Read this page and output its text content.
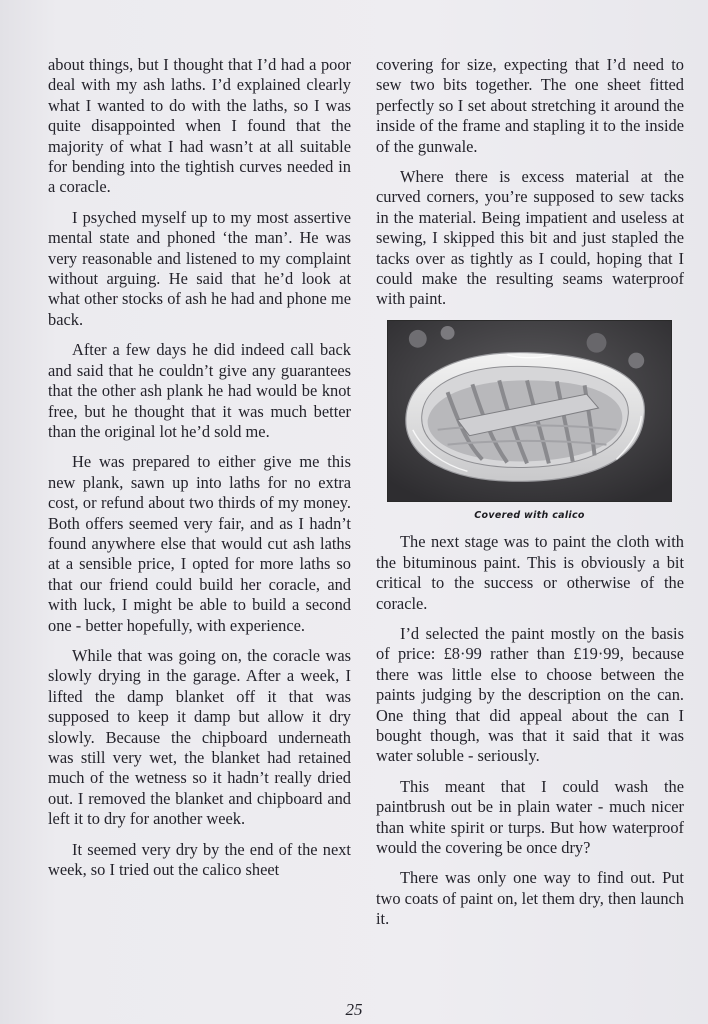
about things, but I thought that I’d had a poor deal with my ash laths. I’d explained clearly what I wanted to do with the laths, so I was quite disappointed when I found that the majority of what I had wasn’t at all suitable for bending into the tightish curves needed in a coracle.

I psyched myself up to my most assertive mental state and phoned ‘the man’. He was very reasonable and listened to my complaint without arguing. He said that he’d look at what other stocks of ash he had and phone me back.

After a few days he did indeed call back and said that he couldn’t give any guarantees that the other ash plank he had would be knot free, but he thought that it was much better than the original lot he’d sold me.

He was prepared to either give me this new plank, sawn up into laths for no extra cost, or refund about two thirds of my money. Both offers seemed very fair, and as I hadn’t found anywhere else that would cut ash laths at a sensible price, I opted for more laths so that our friend could build her coracle, and with luck, I might be able to build a second one - better hopefully, with experience.

While that was going on, the coracle was slowly drying in the garage. After a week, I lifted the damp blanket off it that was supposed to keep it damp but allow it dry slowly. Because the chipboard underneath was still very wet, the blanket had retained much of the wetness so it hadn’t really dried out. I removed the blanket and chipboard and left it to dry for another week.

It seemed very dry by the end of the next week, so I tried out the calico sheet

covering for size, expecting that I’d need to sew two bits together. The one sheet fitted perfectly so I set about stretching it around the inside of the frame and stapling it to the inside of the gunwale.

Where there is excess material at the curved corners, you’re supposed to sew tacks in the material. Being impatient and useless at sewing, I skipped this bit and just stapled the tacks over as tightly as I could, hoping that I could make the resulting seams waterproof with paint.

Covered with calico

The next stage was to paint the cloth with the bituminous paint. This is obviously a bit critical to the success or otherwise of the coracle.

I’d selected the paint mostly on the basis of price: £8·99 rather than £19·99, because there was little else to choose between the paints judging by the description on the can. One thing that did appeal about the can I bought though, was that it said that it was water soluble - seriously.

This meant that I could wash the paintbrush out be in plain water - much nicer than white spirit or turps. But how waterproof would the covering be once dry?

There was only one way to find out. Put two coats of paint on, let them dry, then launch it.

25
